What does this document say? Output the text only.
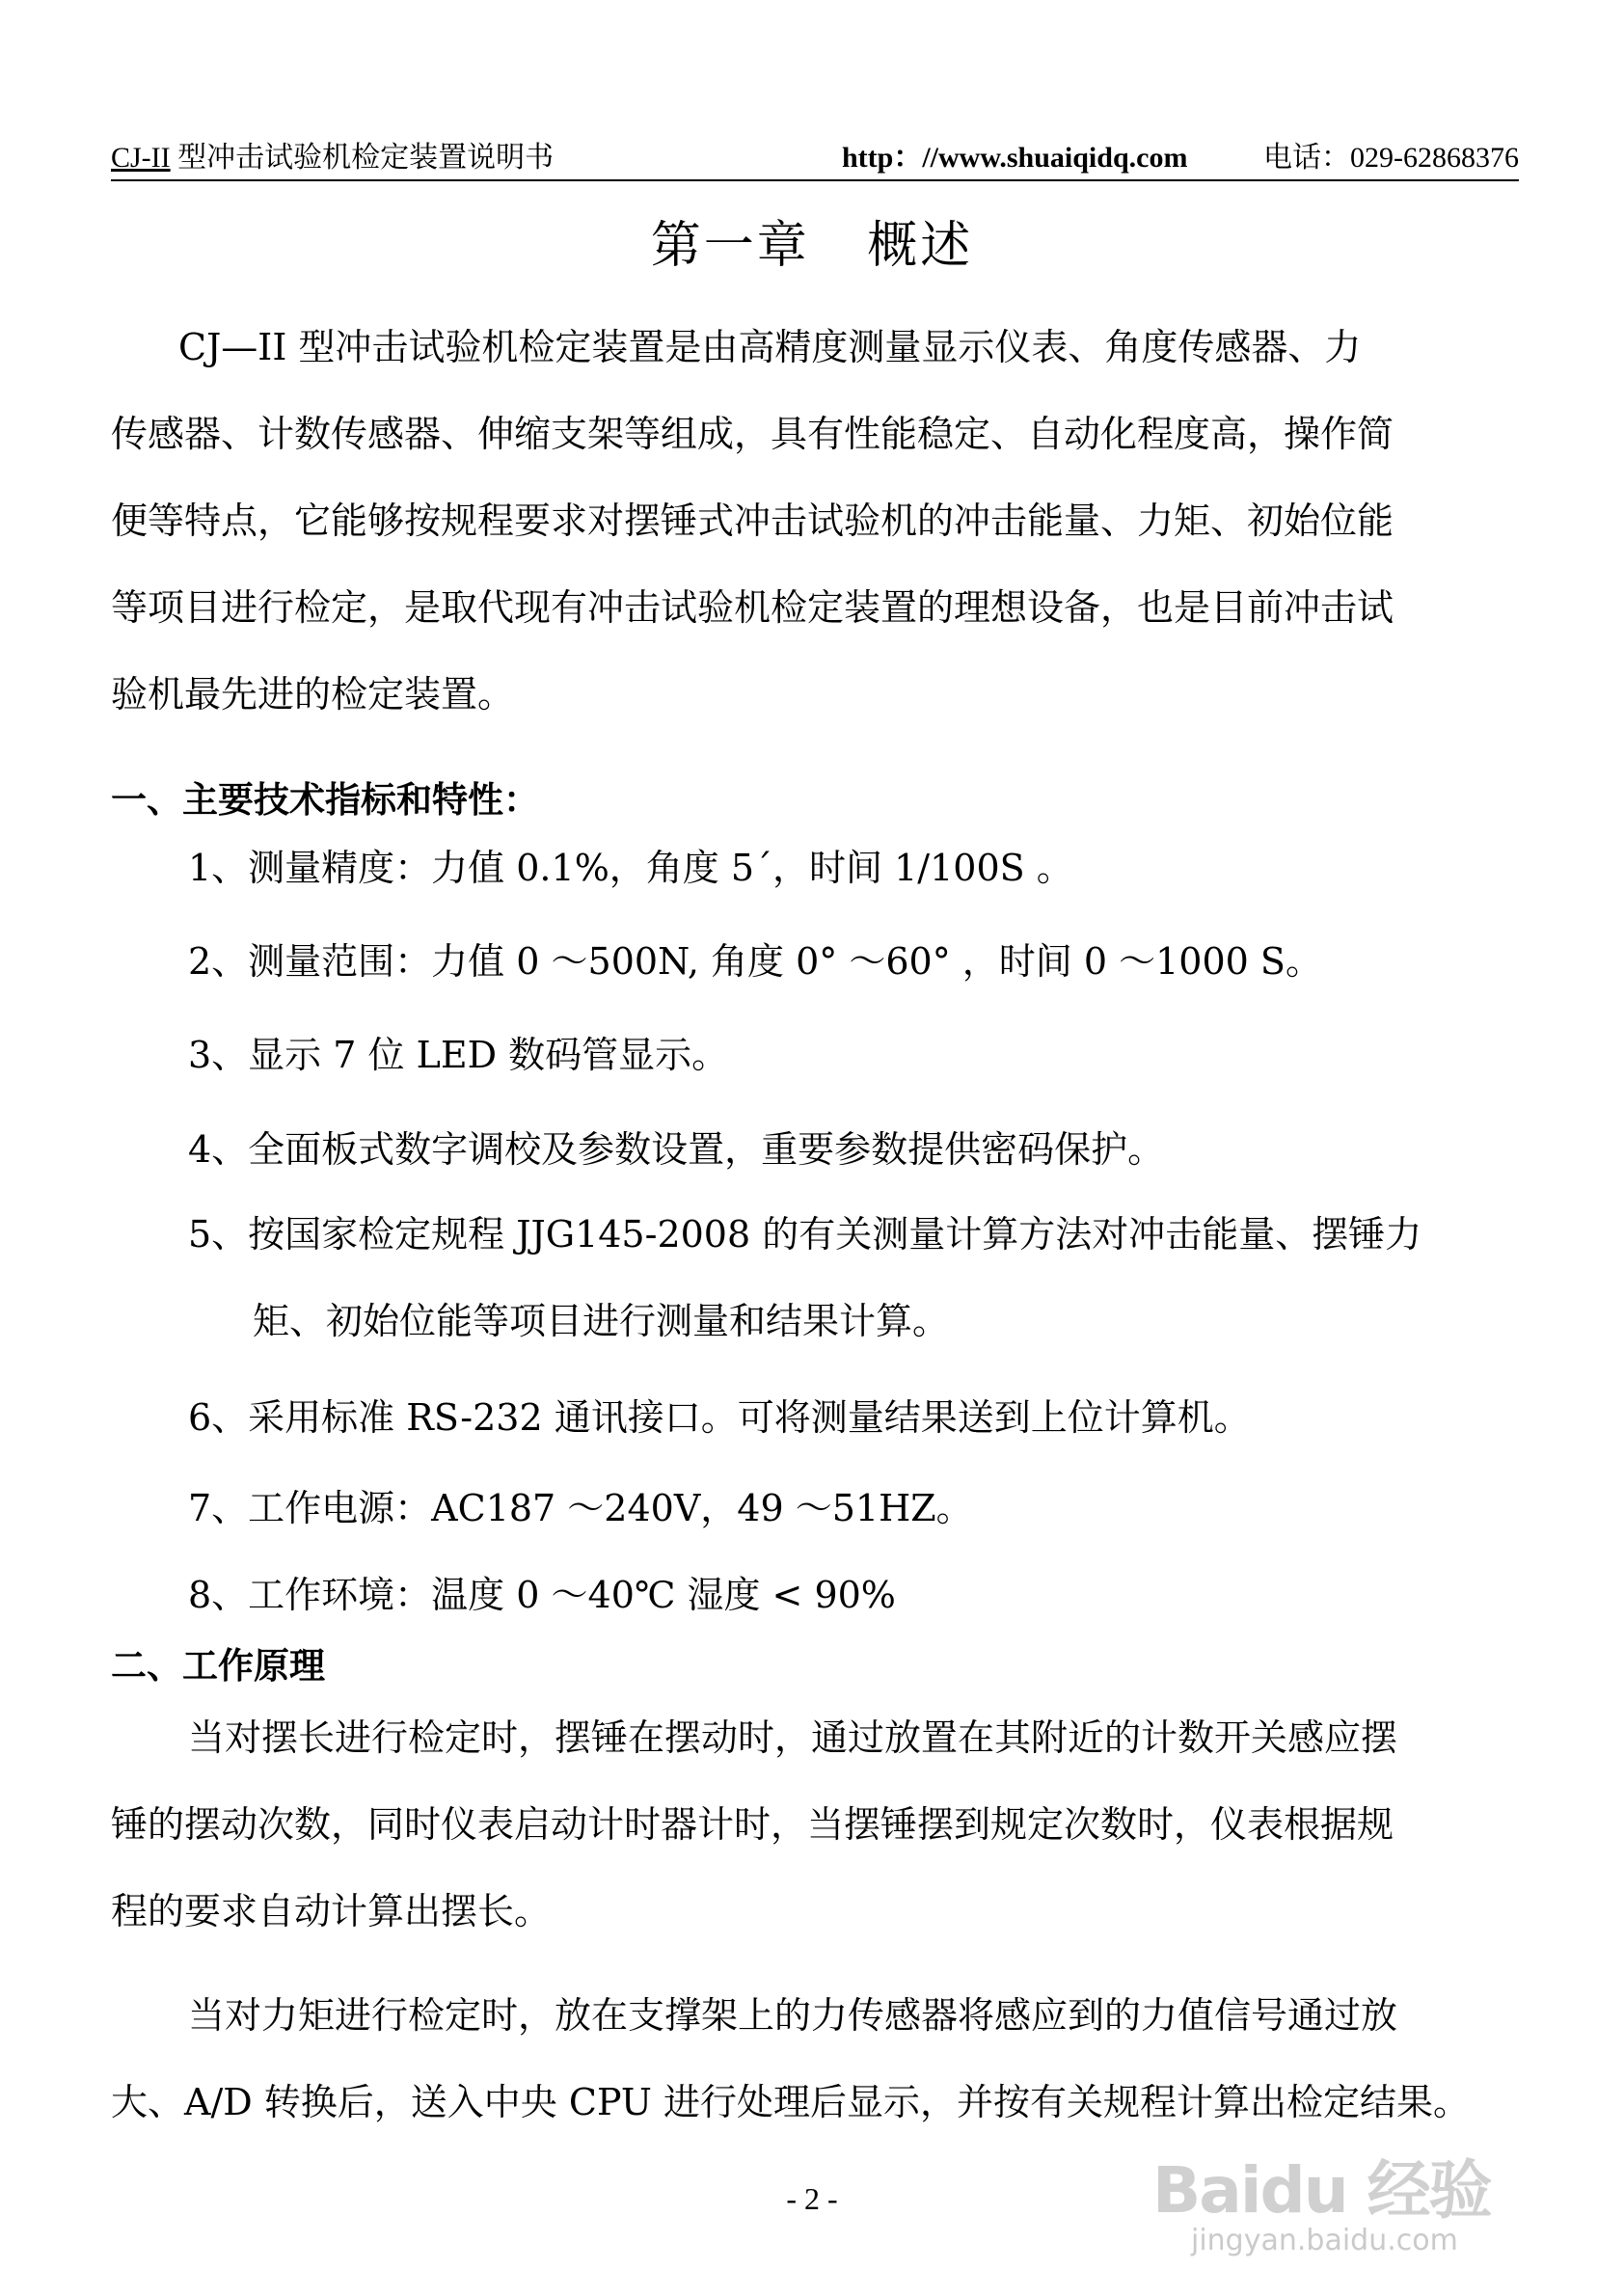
CJ-II 型冲击试验机检定装置说明书	http：//www.shuaiqidq.com	电话：029-62868376
第一章 概述
CJ—II 型冲击试验机检定装置是由高精度测量显示仪表、角度传感器、力
传感器、计数传感器、伸缩支架等组成，具有性能稳定、自动化程度高，操作简
便等特点，它能够按规程要求对摆锤式冲击试验机的冲击能量、力矩、初始位能
等项目进行检定，是取代现有冲击试验机检定装置的理想设备，也是目前冲击试
验机最先进的检定装置。
一、主要技术指标和特性：
1、测量精度：力值 0.1%，角度 5´，时间 1/100S 。
2、测量范围：力值 0 ～500N, 角度 0° ～60° ，时间 0 ～1000 S。
3、显示 7 位 LED 数码管显示。
4、全面板式数字调校及参数设置，重要参数提供密码保护。
5、按国家检定规程 JJG145-2008 的有关测量计算方法对冲击能量、摆锤力
矩、初始位能等项目进行测量和结果计算。
6、采用标准 RS-232 通讯接口。可将测量结果送到上位计算机。
7、工作电源：AC187 ～240V，49 ～51HZ。
8、工作环境：温度 0 ～40℃ 湿度 < 90%
二、工作原理
当对摆长进行检定时，摆锤在摆动时，通过放置在其附近的计数开关感应摆
锤的摆动次数，同时仪表启动计时器计时，当摆锤摆到规定次数时，仪表根据规
程的要求自动计算出摆长。
当对力矩进行检定时，放在支撑架上的力传感器将感应到的力值信号通过放
大、A/D 转换后，送入中央 CPU 进行处理后显示，并按有关规程计算出检定结果。
- 2 -	Baidu 经验
jingyan.baidu.com
